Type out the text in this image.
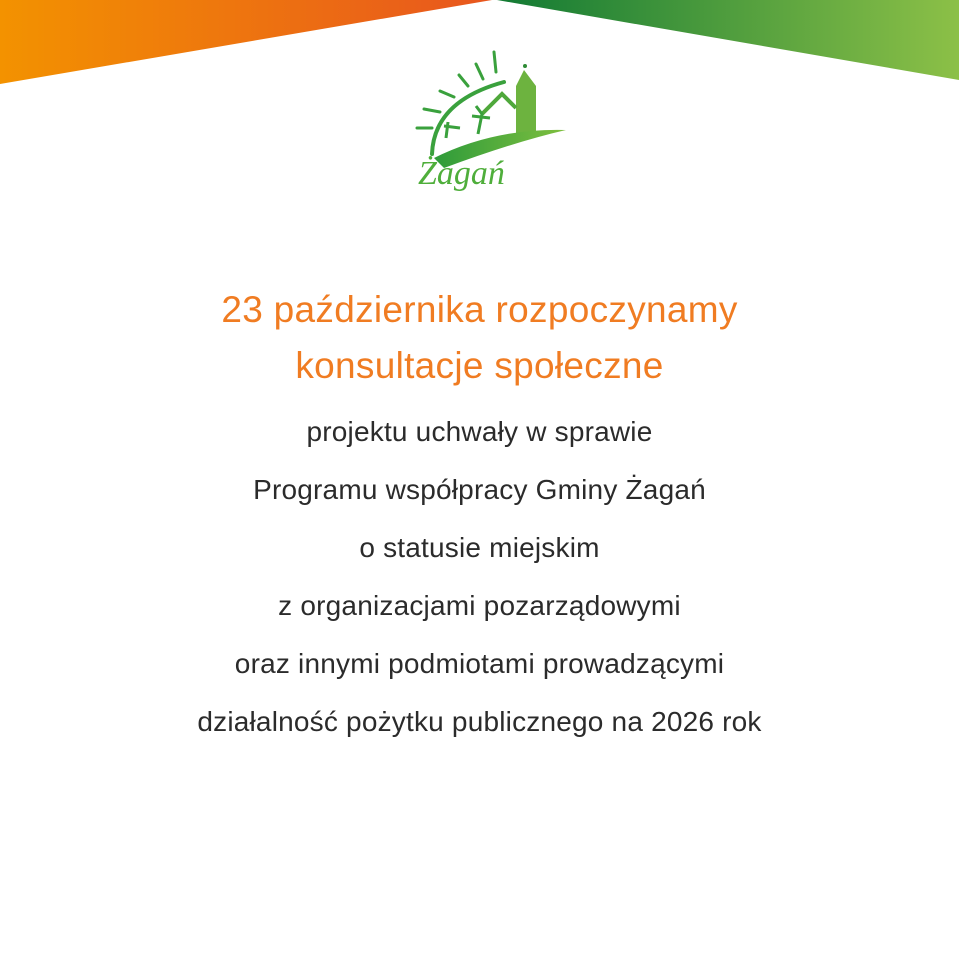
Żagań
23 października rozpoczynamy
konsultacje społeczne
projektu uchwały w sprawie
Programu współpracy Gminy Żagań
o statusie miejskim
z organizacjami pozarządowymi
oraz innymi podmiotami prowadzącymi
działalność pożytku publicznego na 2026 rok
